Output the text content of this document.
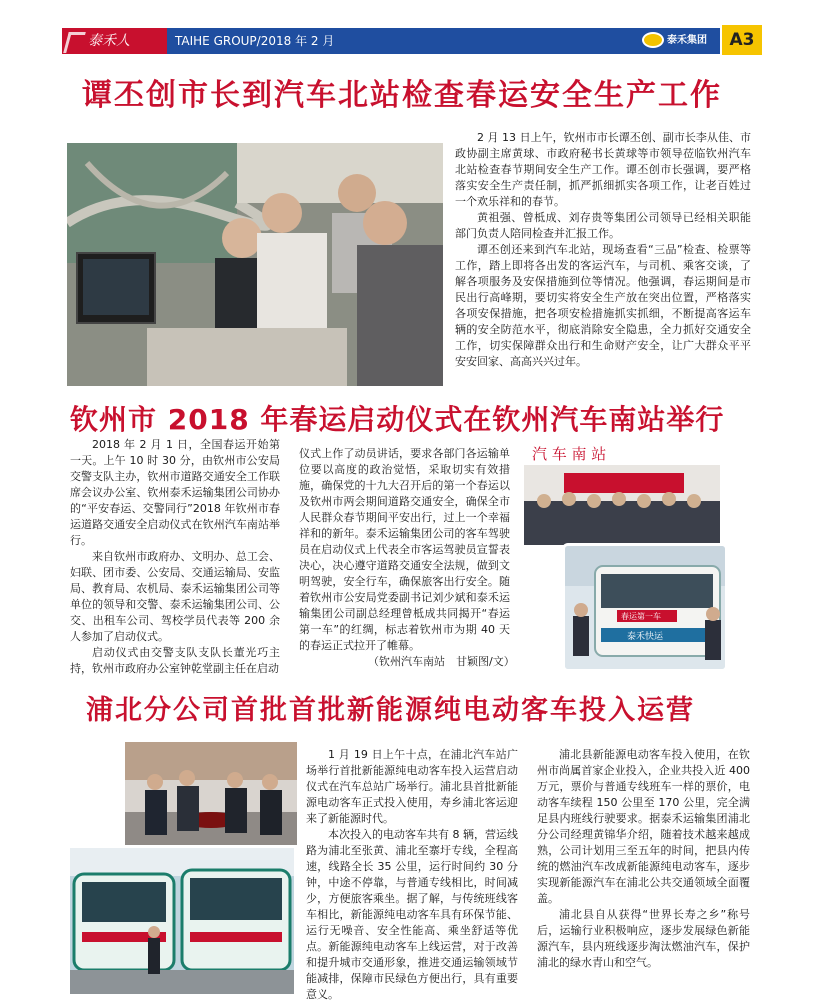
泰禾人	TAIHE GROUP/2018 年 2 月	泰禾集团	A3
谭丕创市长到汽车北站检查春运安全生产工作

2 月 13 日上午，钦州市市长谭丕创、副市长李从佳、市政协副主席黄球、市政府秘书长黄球等市领导莅临钦州汽车北站检查春节期间安全生产工作。谭丕创市长强调，要严格落实安全生产责任制，抓严抓细抓实各项工作，让老百姓过一个欢乐祥和的春节。

黄祖强、曾柢成、刘存贵等集团公司领导已经相关职能部门负责人陪同检查并汇报工作。

谭丕创还来到汽车北站，现场查看“三品”检查、检票等工作，踏上即将各出发的客运汽车，与司机、乘客交谈，了解各项服务及安保措施到位等情况。他强调，春运期间是市民出行高峰期，要切实将安全生产放在突出位置，严格落实各项安保措施，把各项安检措施抓实抓细，不断提高客运车辆的安全防范水平，彻底消除安全隐患，全力抓好交通安全工作，切实保障群众出行和生命财产安全，让广大群众平平安安回家、高高兴兴过年。

钦州市 2018 年春运启动仪式在钦州汽车南站举行

2018 年 2 月 1 日，全国春运开始第一天。上午 10 时 30 分，由钦州市公安局交警支队主办，钦州市道路交通安全工作联席会议办公室、钦州泰禾运输集团公司协办的“平安春运、交警同行”2018 年钦州市春运道路交通安全启动仪式在钦州汽车南站举行。

来自钦州市政府办、文明办、总工会、妇联、团市委、公安局、交通运输局、安监局、教育局、农机局、泰禾运输集团公司等单位的领导和交警、泰禾运输集团公司、公交、出租车公司、驾校学员代表等 200 余人参加了启动仪式。

启动仪式由交警支队支队长董光巧主持，钦州市政府办公室钟乾堂副主任在启动

仪式上作了动员讲话，要求各部门各运输单位要以高度的政治觉悟，采取切实有效措施，确保党的十九大召开后的第一个春运以及钦州市两会期间道路交通安全，确保全市人民群众春节期间平安出行，过上一个幸福祥和的新年。泰禾运输集团公司的客车驾驶员在启动仪式上代表全市客运驾驶员宣誓表决心，决心遵守道路交通安全法规，做到文明驾驶，安全行车，确保旅客出行安全。随着钦州市公安局党委副书记刘少斌和泰禾运输集团公司副总经理曾柢成共同揭开“春运第一车”的红绸，标志着钦州市为期 40 天的春运正式拉开了帷幕。

（钦州汽车南站　甘颖图/文）
汽 车 南 站
春运第一车
泰禾快运
浦北分公司首批首批新能源纯电动客车投入运营

1 月 19 日上午十点，在浦北汽车站广场举行首批新能源纯电动客车投入运营启动仪式在汽车总站广场举行。浦北县首批新能源电动客车正式投入使用，寿乡浦北客运迎来了新能源时代。

本次投入的电动客车共有 8 辆，营运线路为浦北至张黄、浦北至寨圩专线，全程高速，线路全长 35 公里，运行时间约 30 分钟，中途不停靠，与普通专线相比，时间减少，方便旅客乘坐。据了解，与传统班线客车相比，新能源纯电动客车具有环保节能、运行无噪音、安全性能高、乘坐舒适等优点。新能源纯电动客车上线运营，对于改善和提升城市交通形象，推进交通运输领域节能减排，保障市民绿色方便出行，具有重要意义。

浦北县新能源电动客车投入使用，在钦州市尚属首家企业投入，企业共投入近 400 万元，票价与普通专线班车一样的票价，电动客车续程 150 公里至 170 公里，完全满足县内班线行驶要求。据泰禾运输集团浦北分公司经理黄锦华介绍，随着技术越来越成熟，公司计划用三至五年的时间，把县内传统的燃油汽车改成新能源纯电动客车，逐步实现新能源汽车在浦北公共交通领域全面覆盖。

浦北县自从获得“世界长寿之乡”称号后，运输行业积极响应，逐步发展绿色新能源汽车，县内班线逐步淘汰燃油汽车，保护浦北的绿水青山和空气。
